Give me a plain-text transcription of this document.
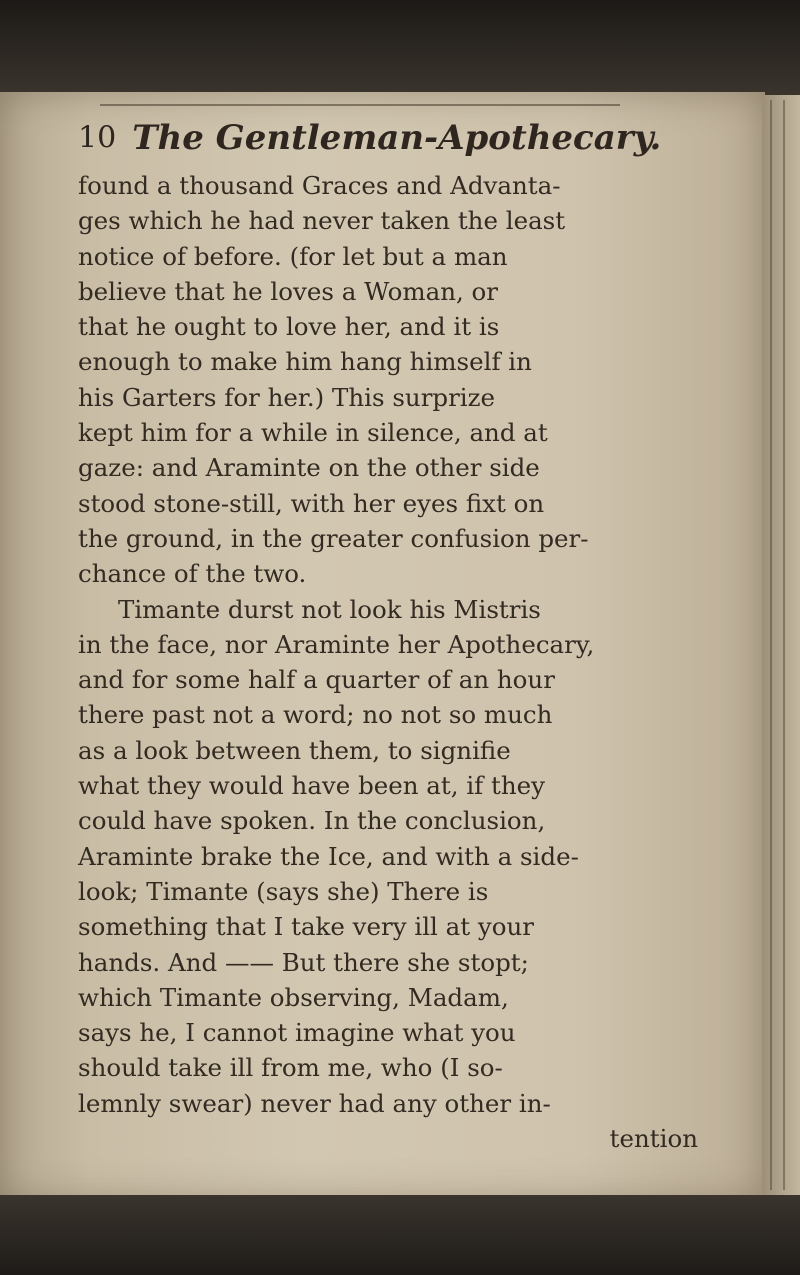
10 The Gentleman-Apothecary.
found a thousand Graces and Advanta-
ges which he had never taken the least
notice of before. (for let but a man
believe that he loves a Woman, or
that he ought to love her, and it is
enough to make him hang himself in
his Garters for her.) This surprize
kept him for a while in silence, and at
gaze: and Araminte on the other side
stood stone-still, with her eyes fixt on
the ground, in the greater confusion per-
chance of the two.
Timante durst not look his Mistris
in the face, nor Araminte her Apothecary,
and for some half a quarter of an hour
there past not a word; no not so much
as a look between them, to signifie
what they would have been at, if they
could have spoken. In the conclusion,
Araminte brake the Ice, and with a side-
look; Timante (says she) There is
something that I take very ill at your
hands. And —— But there she stopt;
which Timante observing, Madam,
says he, I cannot imagine what you
should take ill from me, who (I so-
lemnly swear) never had any other in-
tention
